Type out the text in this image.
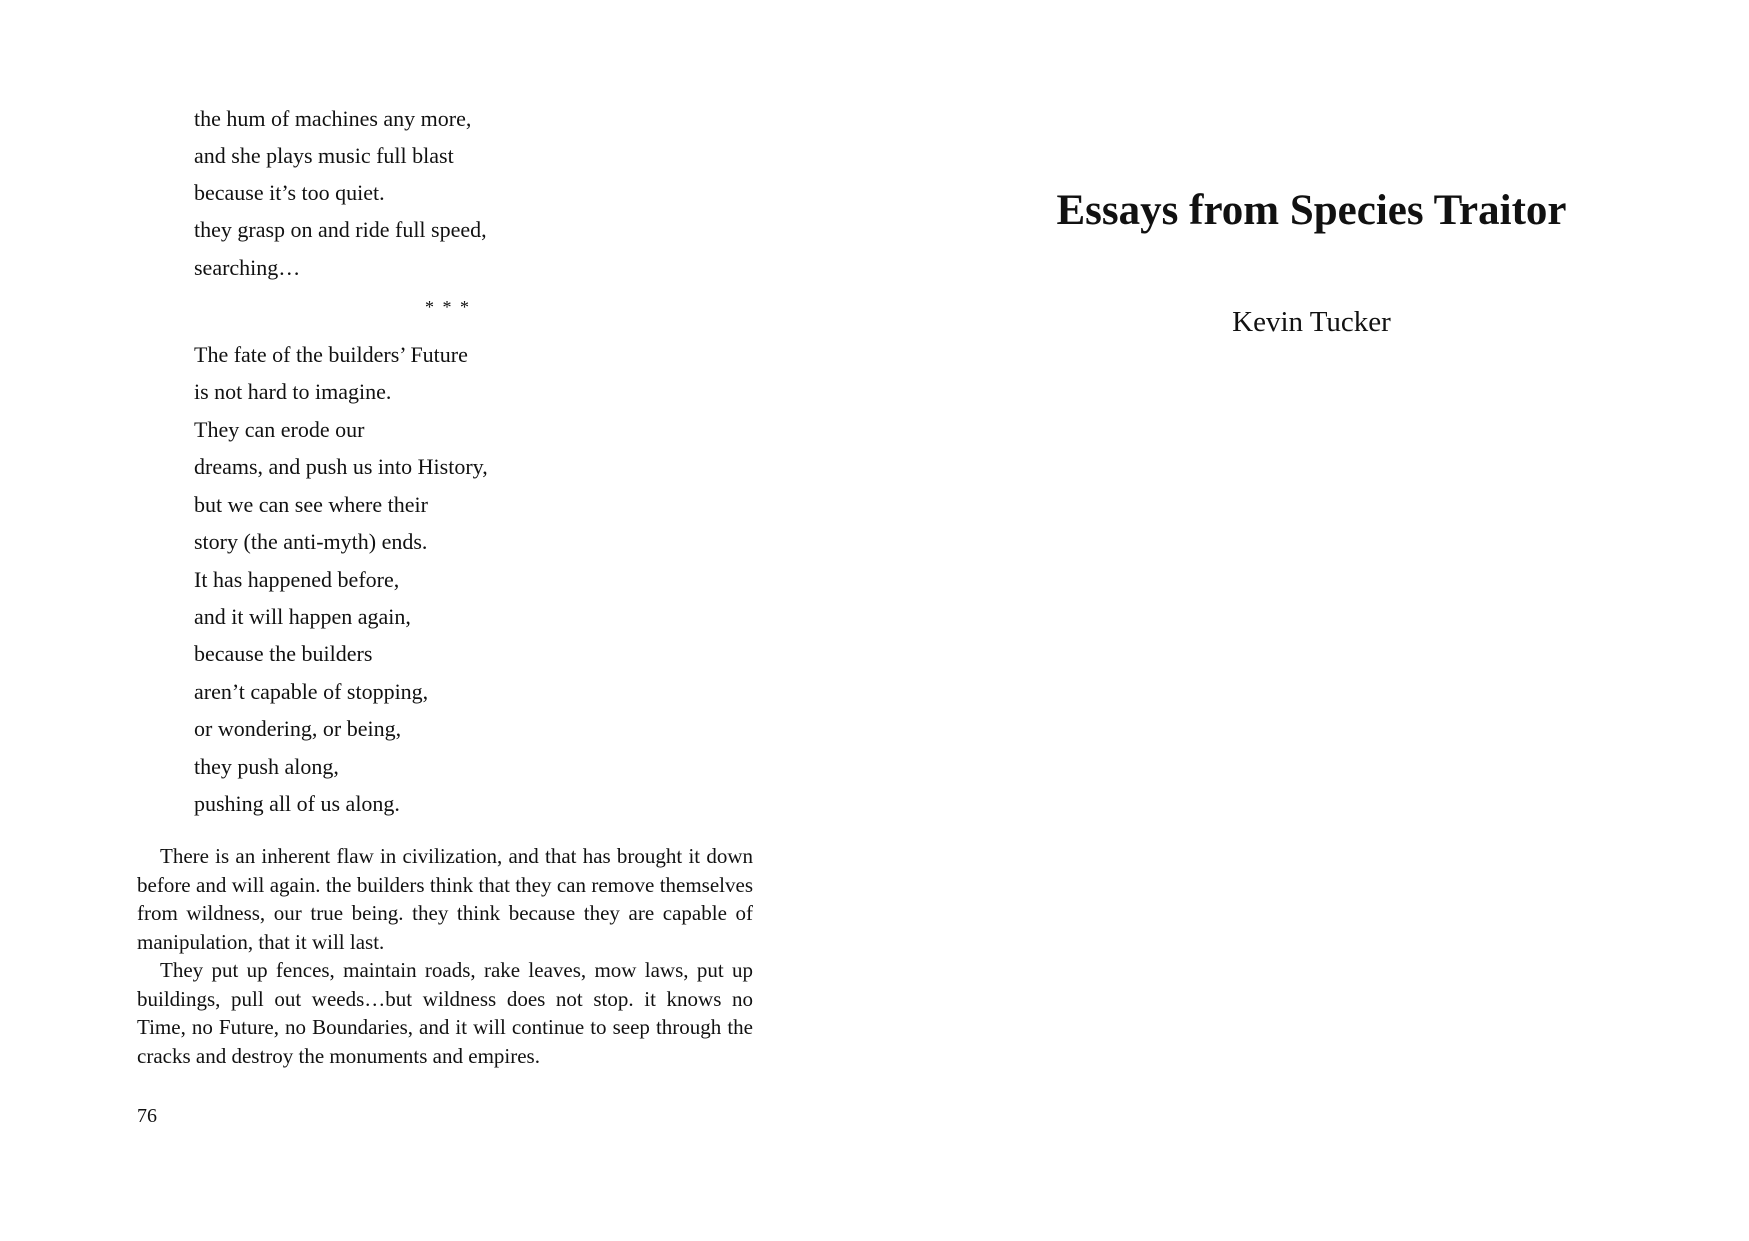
the hum of machines any more,
and she plays music full blast
because it’s too quiet.
they grasp on and ride full speed,
searching…
* * *
The fate of the builders’ Future
is not hard to imagine.
They can erode our
dreams, and push us into History,
but we can see where their
story (the anti-myth) ends.
It has happened before,
and it will happen again,
because the builders
aren’t capable of stopping,
or wondering, or being,
they push along,
pushing all of us along.

There is an inherent flaw in civilization, and that has brought it down before and will again. the builders think that they can remove themselves from wildness, our true being. they think because they are capable of manipulation, that it will last.

They put up fences, maintain roads, rake leaves, mow laws, put up buildings, pull out weeds…but wildness does not stop. it knows no Time, no Future, no Boundaries, and it will continue to seep through the cracks and destroy the monuments and empires.

76
Essays from Species Traitor
Kevin Tucker
